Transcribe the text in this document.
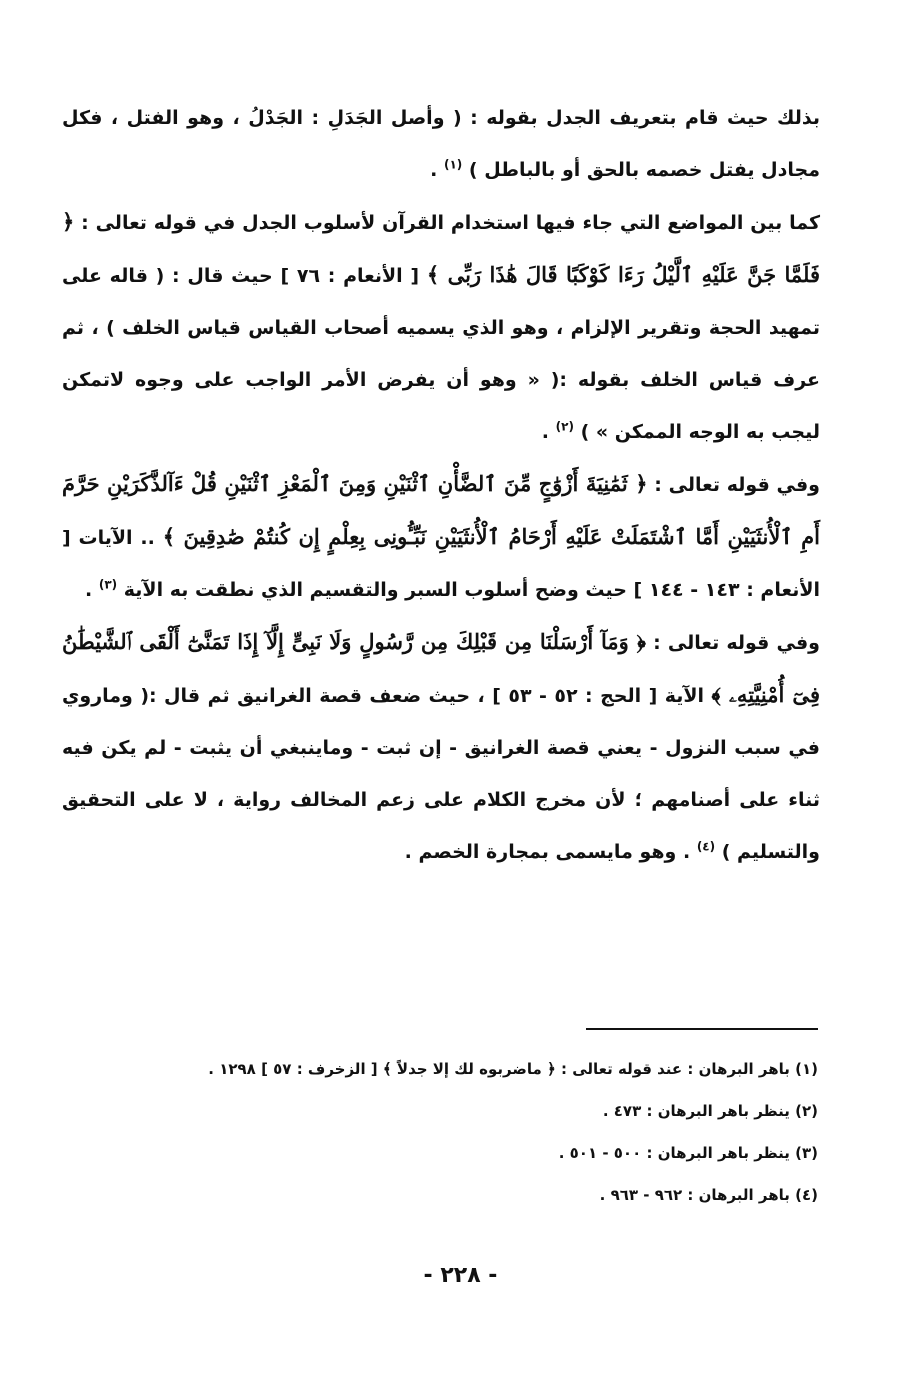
بذلك حيث قام بتعريف الجدل بقوله : ( وأصل الجَدَلِ : الجَدْلُ ، وهو الفتل ، فكل مجادل يفتل خصمه بالحق أو بالباطل ) $^{(١)}$ .

كما بين المواضع التي جاء فيها استخدام القرآن لأسلوب الجدل في قوله تعالى : ﴿ فَلَمَّا جَنَّ عَلَيْهِ ٱلَّيْلُ رَءَا كَوْكَبًا قَالَ هَٰذَا رَبِّى ﴾ [ الأنعام : ٧٦ ] حيث قال : ( قاله على تمهيد الحجة وتقرير الإلزام ، وهو الذي يسميه أصحاب القياس قياس الخلف ) ، ثم عرف قياس الخلف بقوله :( « وهو أن يفرض الأمر الواجب على وجوه لاتمكن ليجب به الوجه الممكن » ) $^{(٢)}$ .

وفي قوله تعالى : ﴿ ثَمَٰنِيَةَ أَزْوَٰجٍ مِّنَ ٱلضَّأْنِ ٱثْنَيْنِ وَمِنَ ٱلْمَعْزِ ٱثْنَيْنِ قُلْ ءَآلذَّكَرَيْنِ حَرَّمَ أَمِ ٱلْأُنثَيَيْنِ أَمَّا ٱشْتَمَلَتْ عَلَيْهِ أَرْحَامُ ٱلْأُنثَيَيْنِ نَبِّـُٔونِى بِعِلْمٍ إِن كُنتُمْ صَٰدِقِينَ ﴾ .. الآيات [ الأنعام : ١٤٣ - ١٤٤ ] حيث وضح أسلوب السبر والتقسيم الذي نطقت به الآية $^{(٣)}$ .

وفي قوله تعالى : ﴿ وَمَآ أَرْسَلْنَا مِن قَبْلِكَ مِن رَّسُولٍ وَلَا نَبِىٍّ إِلَّآ إِذَا تَمَنَّىٰٓ أَلْقَى ٱلشَّيْطَٰنُ فِىٓ أُمْنِيَّتِهِۦ ﴾ الآية [ الحج : ٥٢ - ٥٣ ] ، حيث ضعف قصة الغرانيق ثم قال :( وماروي في سبب النزول - يعني قصة الغرانيق - إن ثبت - وماينبغي أن يثبت - لم يكن فيه ثناء على أصنامهم ؛ لأن مخرج الكلام على زعم المخالف رواية ، لا على التحقيق والتسليم ) $^{(٤)}$ . وهو مايسمى بمجارة الخصم .

(١) باهر البرهان : عند قوله تعالى : ﴿ ماضربوه لك إلا جدلاً ﴾ [ الزخرف : ٥٧ ] ١٢٩٨ .

(٢) ينظر باهر البرهان : ٤٧٣ .

(٣) ينظر باهر البرهان : ٥٠٠ - ٥٠١ .

(٤) باهر البرهان : ٩٦٢ - ٩٦٣ .

- ٢٢٨ -
